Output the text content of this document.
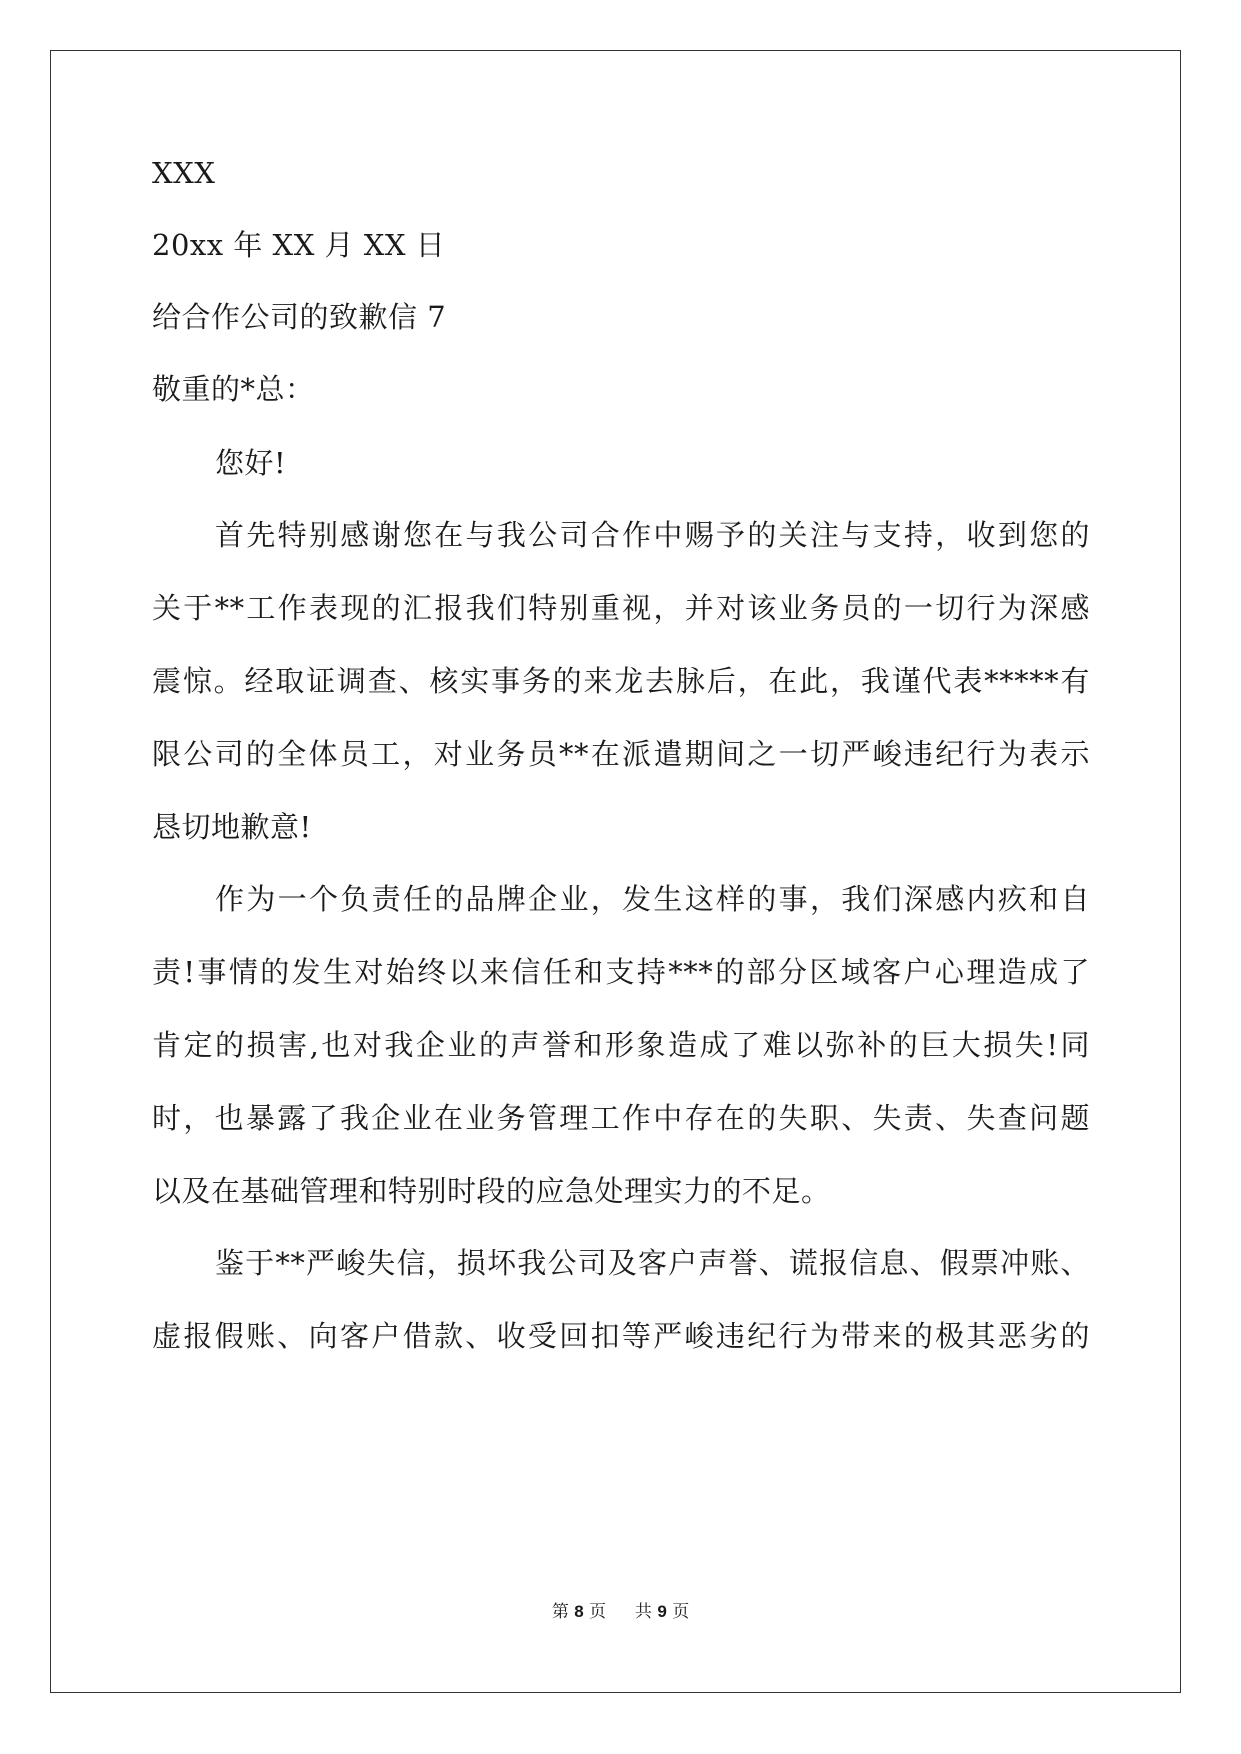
XXX
20xx 年 XX 月 XX 日
给合作公司的致歉信 7
敬重的*总：
您好!
首先特别感谢您在与我公司合作中赐予的关注与支持，收到您的
关于**工作表现的汇报我们特别重视，并对该业务员的一切行为深感
震惊。经取证调查、核实事务的来龙去脉后，在此，我谨代表*****有
限公司的全体员工，对业务员**在派遣期间之一切严峻违纪行为表示
恳切地歉意!
作为一个负责任的品牌企业，发生这样的事，我们深感内疚和自
责!事情的发生对始终以来信任和支持***的部分区域客户心理造成了
肯定的损害,也对我企业的声誉和形象造成了难以弥补的巨大损失!同
时，也暴露了我企业在业务管理工作中存在的失职、失责、失查问题
以及在基础管理和特别时段的应急处理实力的不足。
鉴于**严峻失信，损坏我公司及客户声誉、谎报信息、假票冲账、
虚报假账、向客户借款、收受回扣等严峻违纪行为带来的极其恶劣的
第 8 页 共 9 页
